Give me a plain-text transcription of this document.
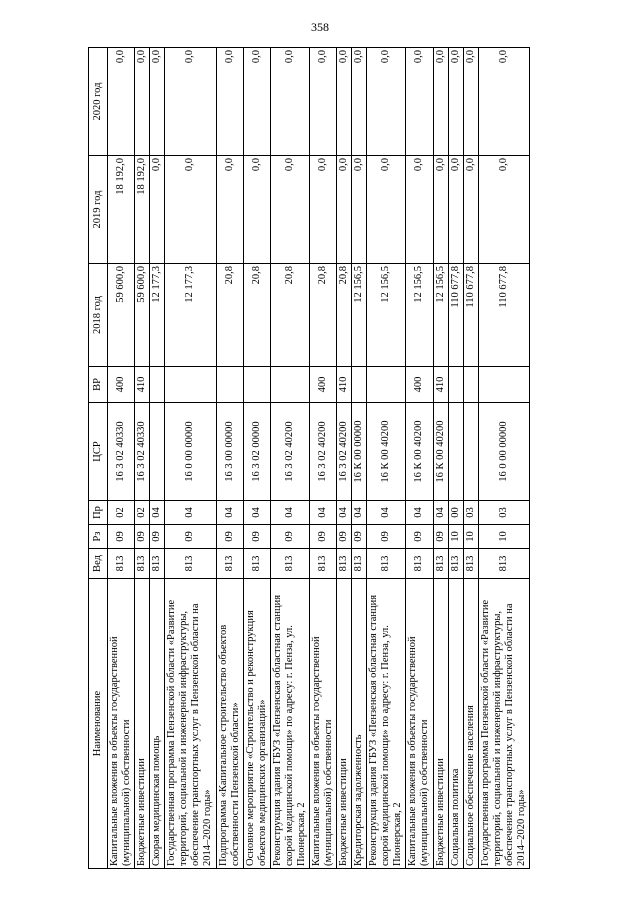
358
Наименование	Вед	Рз	Пр	ЦСР	ВР	2018 год	2019 год	2020 год
Капитальные вложения в объекты государственной (муниципальной) собственности	813	09	02	16 3 02 40330	400	59 600,0	18 192,0	0,0
Бюджетные инвестиции	813	09	02	16 3 02 40330	410	59 600,0	18 192,0	0,0
Скорая медицинская помощь	813	09	04			12 177,3	0,0	0,0
Государственная программа Пензенской области «Развитие территорий, социальной и инженерной инфраструктуры, обеспечение транспортных услуг в Пензенской области на 2014–2020 годы»	813	09	04	16 0 00 00000		12 177,3	0,0	0,0
Подпрограмма «Капитальное строительство объектов собственности Пензенской области»	813	09	04	16 3 00 00000		20,8	0,0	0,0
Основное мероприятие «Строительство и реконструкция объектов медицинских организаций»	813	09	04	16 3 02 00000		20,8	0,0	0,0
Реконструкция здания ГБУЗ «Пензенская областная станция скорой медицинской помощи» по адресу: г. Пенза, ул. Пионерская, 2	813	09	04	16 3 02 40200		20,8	0,0	0,0
Капитальные вложения в объекты государственной (муниципальной) собственности	813	09	04	16 3 02 40200	400	20,8	0,0	0,0
Бюджетные инвестиции	813	09	04	16 3 02 40200	410	20,8	0,0	0,0
Кредиторская задолженность	813	09	04	16 К 00 00000		12 156,5	0,0	0,0
Реконструкция здания ГБУЗ «Пензенская областная станция скорой медицинской помощи» по адресу: г. Пенза, ул. Пионерская, 2	813	09	04	16 К 00 40200		12 156,5	0,0	0,0
Капитальные вложения в объекты государственной (муниципальной) собственности	813	09	04	16 К 00 40200	400	12 156,5	0,0	0,0
Бюджетные инвестиции	813	09	04	16 К 00 40200	410	12 156,5	0,0	0,0
Социальная политика	813	10	00			110 677,8	0,0	0,0
Социальное обеспечение населения	813	10	03			110 677,8	0,0	0,0
Государственная программа Пензенской области «Развитие территорий, социальной и инженерной инфраструктуры, обеспечение транспортных услуг в Пензенской области на 2014–2020 годы»	813	10	03	16 0 00 00000		110 677,8	0,0	0,0
